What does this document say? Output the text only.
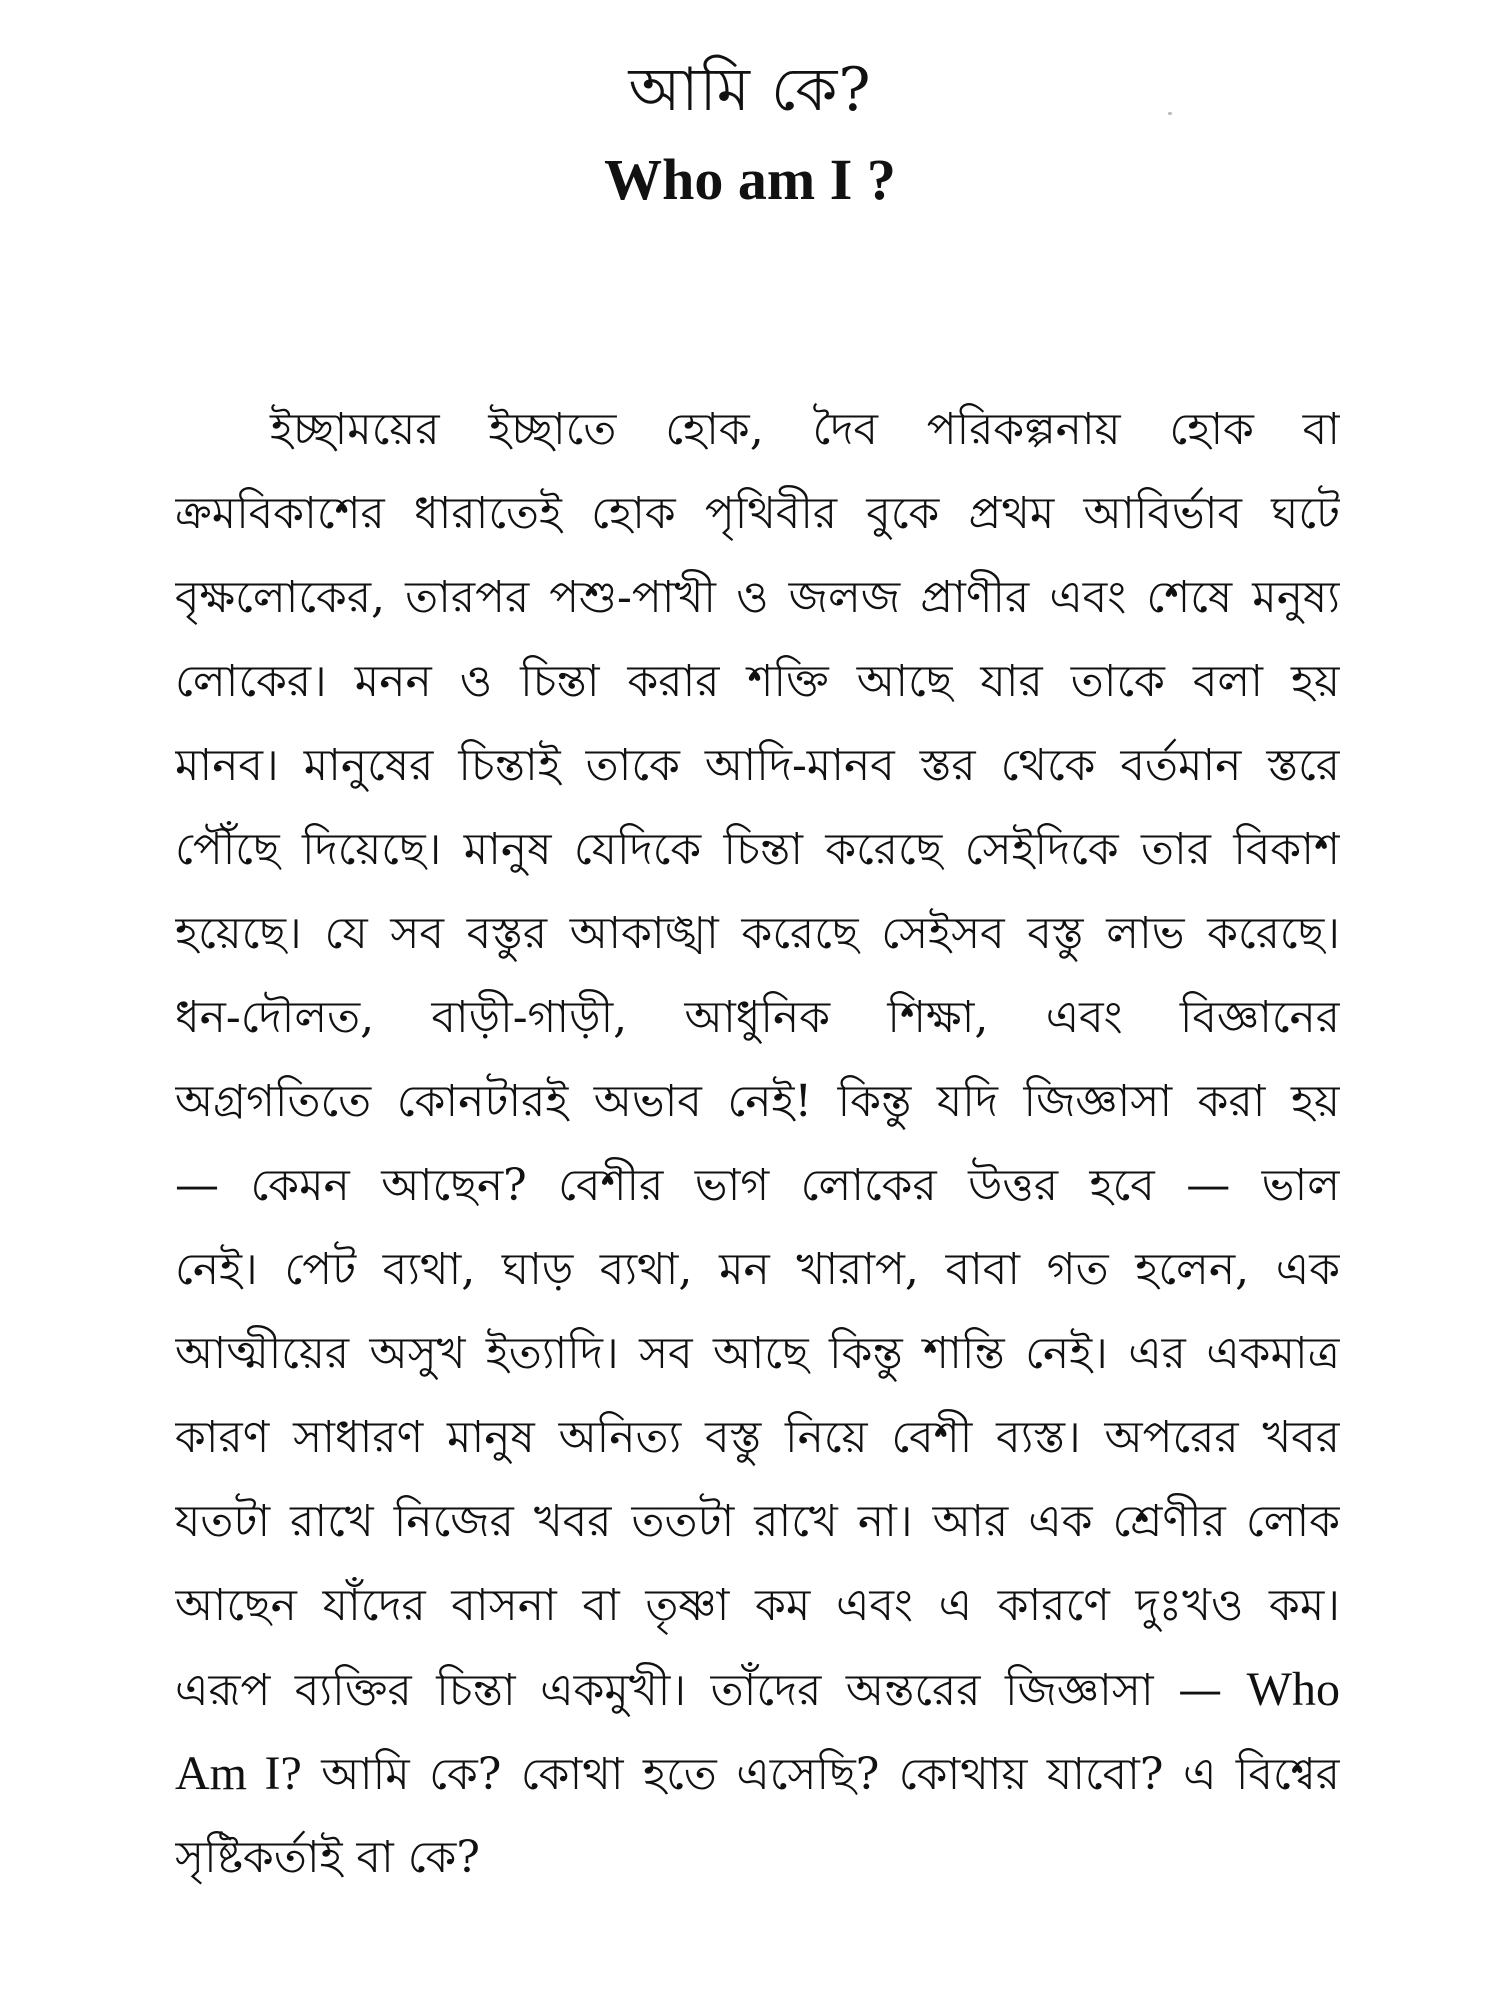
আমি কে?
Who am I ?
ইচ্ছাময়ের ইচ্ছাতে হোক, দৈব পরিকল্পনায় হোক বা
ক্রমবিকাশের ধারাতেই হোক পৃথিবীর বুকে প্রথম আবির্ভাব ঘটে
বৃক্ষলোকের, তারপর পশু-পাখী ও জলজ প্রাণীর এবং শেষে মনুষ্য
লোকের। মনন ও চিন্তা করার শক্তি আছে যার তাকে বলা হয়
মানব। মানুষের চিন্তাই তাকে আদি-মানব স্তর থেকে বর্তমান স্তরে
পৌঁছে দিয়েছে। মানুষ যেদিকে চিন্তা করেছে সেইদিকে তার বিকাশ
হয়েছে। যে সব বস্তুর আকাঙ্খা করেছে সেইসব বস্তু লাভ করেছে।
ধন-দৌলত, বাড়ী-গাড়ী, আধুনিক শিক্ষা, এবং বিজ্ঞানের
অগ্রগতিতে কোনটারই অভাব নেই! কিন্তু যদি জিজ্ঞাসা করা হয়
— কেমন আছেন? বেশীর ভাগ লোকের উত্তর হবে — ভাল
নেই। পেট ব্যথা, ঘাড় ব্যথা, মন খারাপ, বাবা গত হলেন, এক
আত্মীয়ের অসুখ ইত্যাদি। সব আছে কিন্তু শান্তি নেই। এর একমাত্র
কারণ সাধারণ মানুষ অনিত্য বস্তু নিয়ে বেশী ব্যস্ত। অপরের খবর
যতটা রাখে নিজের খবর ততটা রাখে না। আর এক শ্রেণীর লোক
আছেন যাঁদের বাসনা বা তৃষ্ণা কম এবং এ কারণে দুঃখও কম।
এরূপ ব্যক্তির চিন্তা একমুখী। তাঁদের অন্তরের জিজ্ঞাসা — Who
Am I? আমি কে? কোথা হতে এসেছি? কোথায় যাবো? এ বিশ্বের
সৃষ্টিকর্তাই বা কে?
